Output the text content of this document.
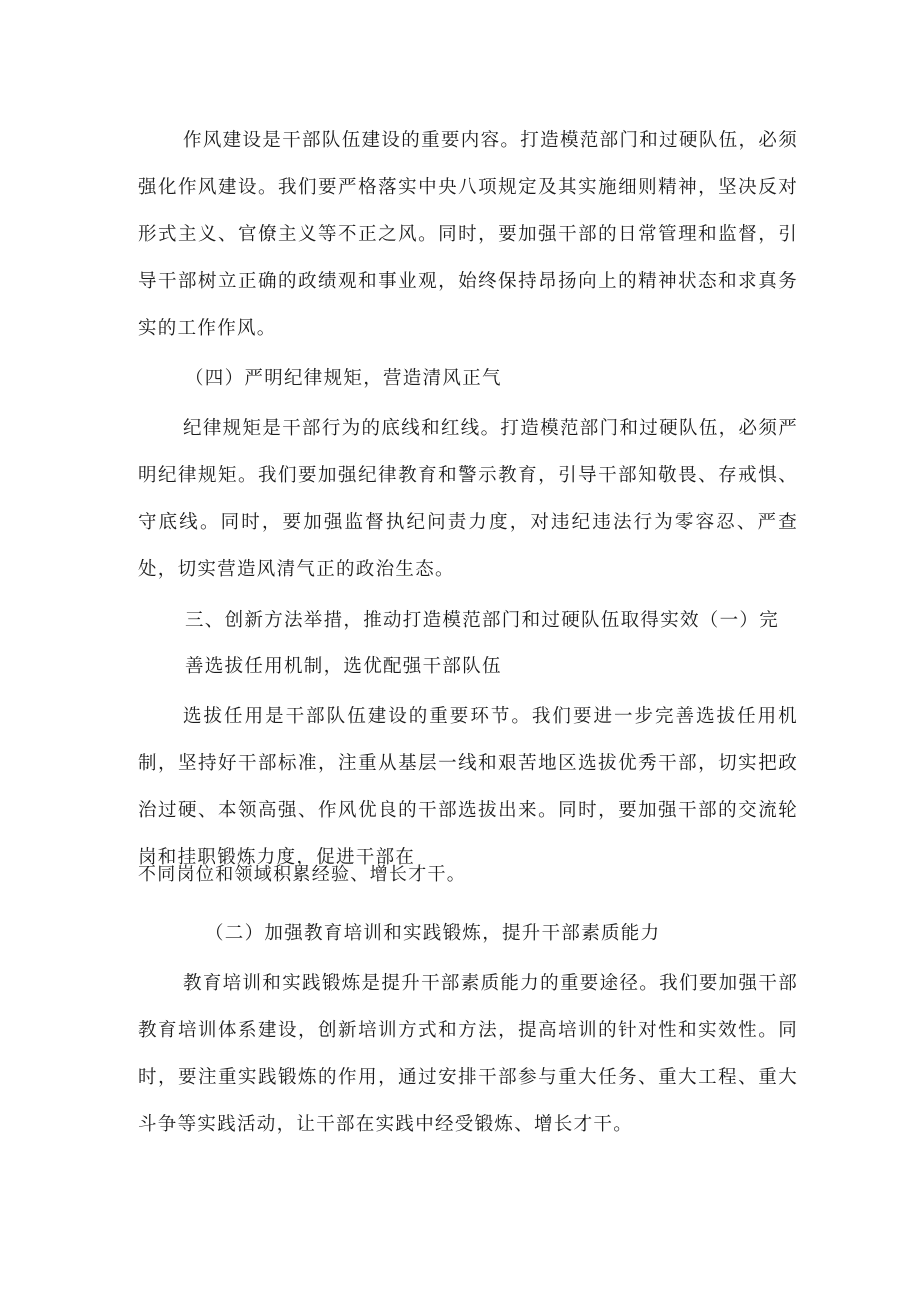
作风建设是干部队伍建设的重要内容。打造模范部门和过硬队伍，必须强化作风建设。我们要严格落实中央八项规定及其实施细则精神，坚决反对形式主义、官僚主义等不正之风。同时，要加强干部的日常管理和监督，引导干部树立正确的政绩观和事业观，始终保持昂扬向上的精神状态和求真务实的工作作风。

（四）严明纪律规矩，营造清风正气

纪律规矩是干部行为的底线和红线。打造模范部门和过硬队伍，必须严明纪律规矩。我们要加强纪律教育和警示教育，引导干部知敬畏、存戒惧、守底线。同时，要加强监督执纪问责力度，对违纪违法行为零容忍、严查处，切实营造风清气正的政治生态。

三、创新方法举措，推动打造模范部门和过硬队伍取得实效（一）完

善选拔任用机制，选优配强干部队伍

选拔任用是干部队伍建设的重要环节。我们要进一步完善选拔任用机制，坚持好干部标准，注重从基层一线和艰苦地区选拔优秀干部，切实把政治过硬、本领高强、作风优良的干部选拔出来。同时，要加强干部的交流轮岗和挂职锻炼力度，促进干部在

不同岗位和领域积累经验、增长才干。

（二）加强教育培训和实践锻炼，提升干部素质能力

教育培训和实践锻炼是提升干部素质能力的重要途径。我们要加强干部教育培训体系建设，创新培训方式和方法，提高培训的针对性和实效性。同时，要注重实践锻炼的作用，通过安排干部参与重大任务、重大工程、重大斗争等实践活动，让干部在实践中经受锻炼、增长才干。
